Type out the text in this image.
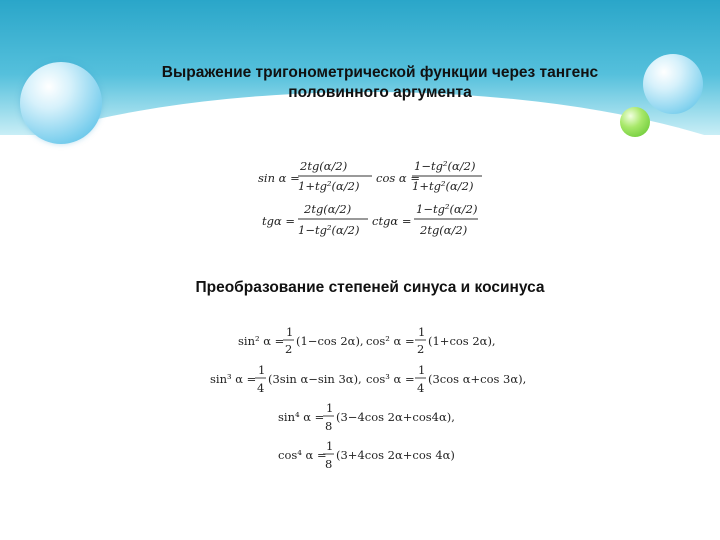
Выражение тригонометрической функции через тангенс
половинного аргумента
Преобразование степеней синуса и косинуса
sin α =
2tg(α/2)
1+tg²(α/2)
cos α =
1−tg²(α/2)
1+tg²(α/2)
tgα =
2tg(α/2)
1−tg²(α/2)
ctgα =
1−tg²(α/2)
2tg(α/2)
sin² α =
1
2
(1−cos 2α), cos² α =
1
2
(1+cos 2α),
sin³ α =
1
4
(3sin α−sin 3α), cos³ α =
1
4
(3cos α+cos 3α),
sin⁴ α =
1
8
(3−4cos 2α+cos4α),
cos⁴ α =
1
8
(3+4cos 2α+cos 4α)
